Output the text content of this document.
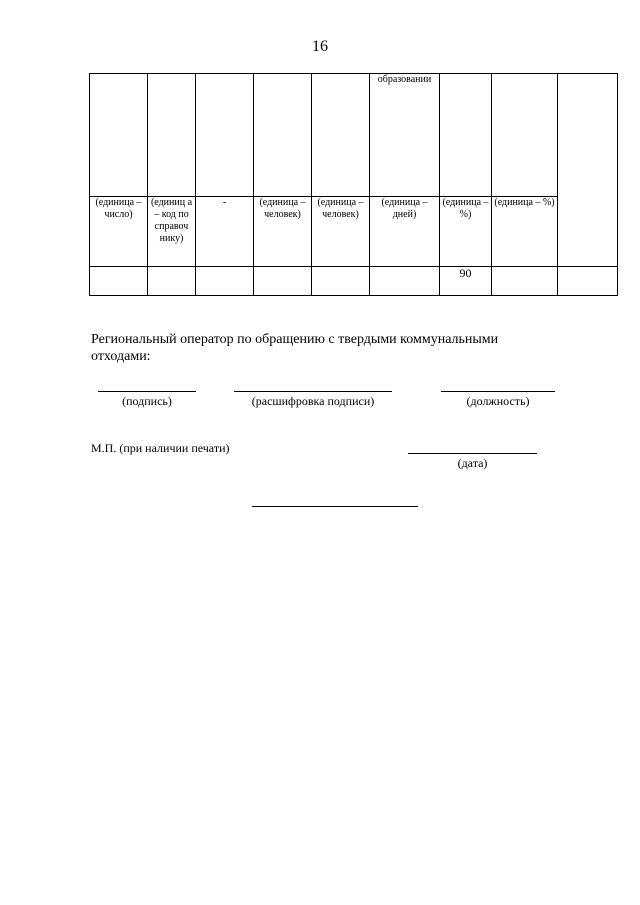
16
					образовании			
(единица – число)	(единиц а – код по справоч нику)	-	(единица – человек)	(единица – человек)	(единица – дней)	(единица – %)	(единица – %)	
						90		
Региональный оператор по обращению с твердыми коммунальными отходами:
(подпись)	(расшифровка подписи)	(должность)
М.П. (при наличии печати)
(дата)
